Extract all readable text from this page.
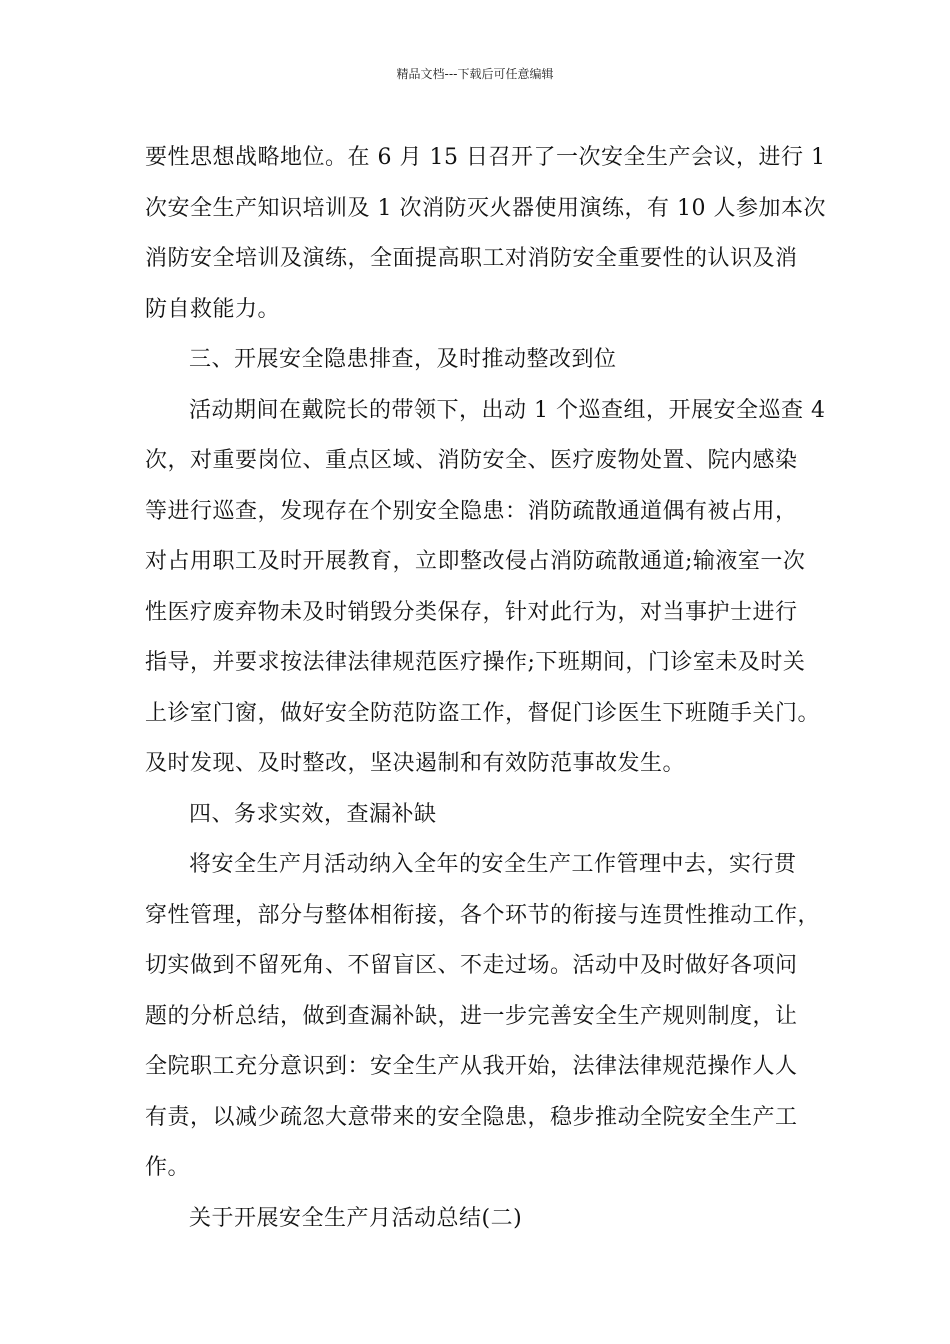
精品文档---下载后可任意编辑

要性思想战略地位。在 6 月 15 日召开了一次安全生产会议，进行 1
次安全生产知识培训及 1 次消防灭火器使用演练，有 10 人参加本次
消防安全培训及演练，全面提高职工对消防安全重要性的认识及消
防自救能力。

三、开展安全隐患排查，及时推动整改到位

活动期间在戴院长的带领下，出动 1 个巡查组，开展安全巡查 4
次，对重要岗位、重点区域、消防安全、医疗废物处置、院内感染
等进行巡查，发现存在个别安全隐患：消防疏散通道偶有被占用，
对占用职工及时开展教育，立即整改侵占消防疏散通道;输液室一次
性医疗废弃物未及时销毁分类保存，针对此行为，对当事护士进行
指导，并要求按法律法律规范医疗操作;下班期间，门诊室未及时关
上诊室门窗，做好安全防范防盗工作，督促门诊医生下班随手关门。
及时发现、及时整改，坚决遏制和有效防范事故发生。

四、务求实效，查漏补缺

将安全生产月活动纳入全年的安全生产工作管理中去，实行贯
穿性管理，部分与整体相衔接，各个环节的衔接与连贯性推动工作，
切实做到不留死角、不留盲区、不走过场。活动中及时做好各项问
题的分析总结，做到查漏补缺，进一步完善安全生产规则制度，让
全院职工充分意识到：安全生产从我开始，法律法律规范操作人人
有责，以减少疏忽大意带来的安全隐患，稳步推动全院安全生产工
作。

关于开展安全生产月活动总结(二)
